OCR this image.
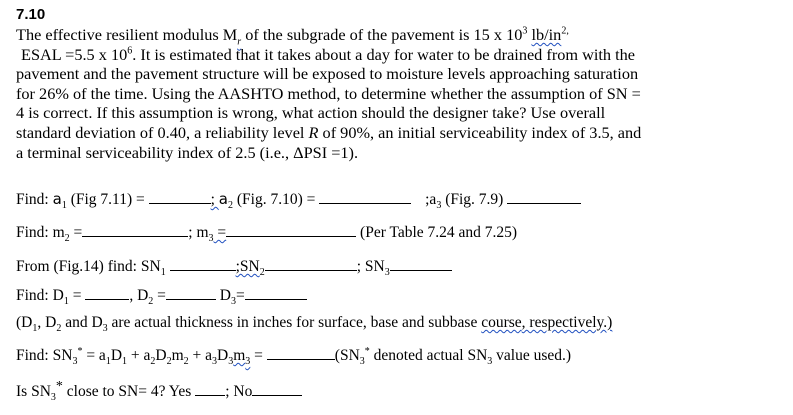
7.10
The effective resilient modulus $M_r$ of the subgrade of the pavement is 15 x $10^3$ $lb/in^{2,}$
ESAL =5.5 x $10^6$. It is estimated that it takes about a day for water to be drained from with the
pavement and the pavement structure will be exposed to moisture levels approaching saturation
for 26% of the time. Using the AASHTO method, to determine whether the assumption of SN =
4 is correct. If this assumption is wrong, what action should the designer take? Use overall
standard deviation of 0.40, a reliability level R of 90%, an initial serviceability index of 3.5, and
a terminal serviceability index of 2.5 (i.e., ΔPSI =1).
Find: $a_1$ (Fig 7.11) =	; $a_2$ (Fig. 7.10) =	$;a_3$ (Fig. 7.9)
Find: $m_2$ =	; $m_3$ =	(Per Table 7.24 and 7.25)
From (Fig.14) find: $SN_1$	$;SN_2$	; $SN_3$
Find: $D_1$ =	, $D_2$ =	$D_3=$
($D_1$, $D_2$ and $D_3$ are actual thickness in inches for surface, base and subbase course, respectively.)
Find: $SN_3^* = a_1D_1 + a_2D_2m_2 + a_3D_3m_3$ =	($SN_3^*$ denoted actual $SN_3$ value used.)
Is $SN_3^*$ close to SN= 4? Yes ; No
